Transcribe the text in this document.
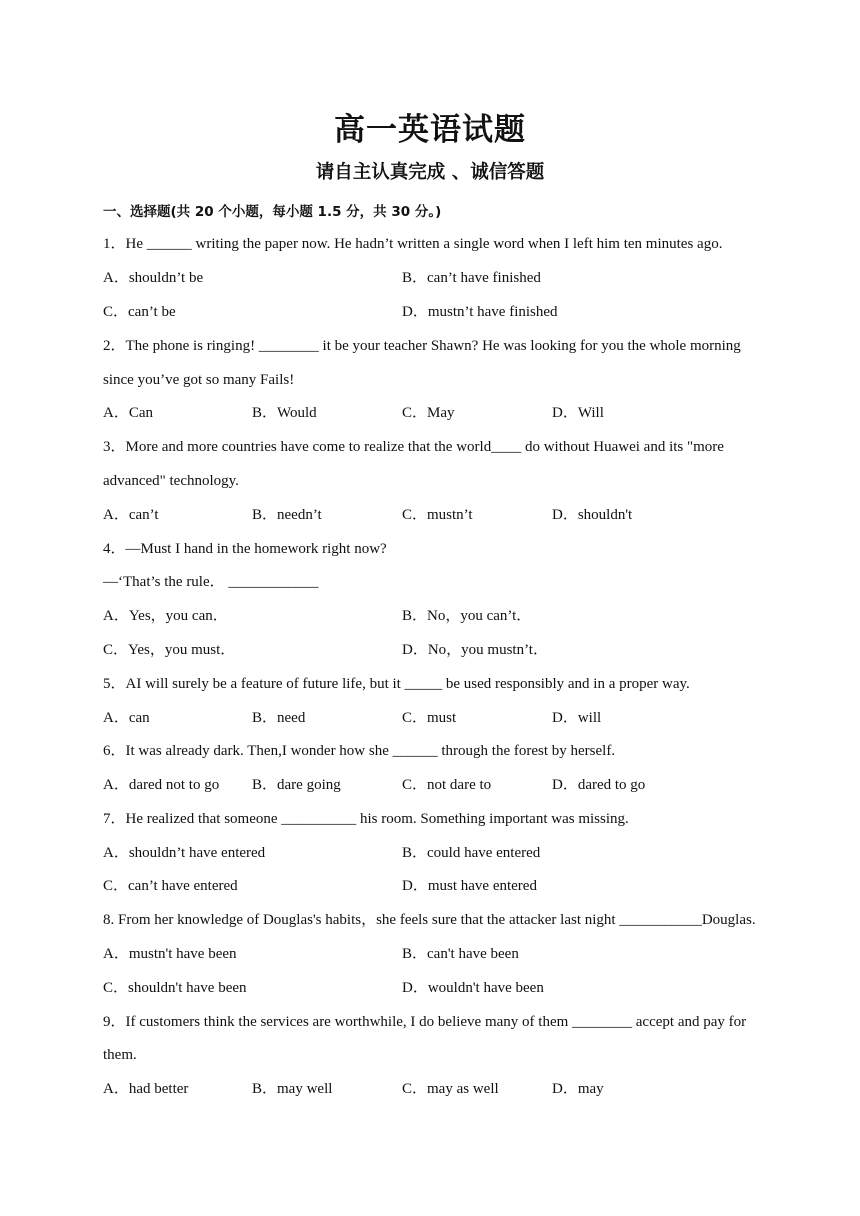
高一英语试题
请自主认真完成 、诚信答题
一、选择题(共 20 个小题，每小题 1.5 分，共 30 分。)
1．He ______ writing the paper now. He hadn’t written a single word when I left him ten minutes ago.
A．shouldn’t be	B．can’t have finished
C．can’t be	D．mustn’t have finished
2．The phone is ringing! ________ it be your teacher Shawn? He was looking for you the whole morning
since you’ve got so many Fails!
A．Can	B．Would	C．May	D．Will
3．More and more countries have come to realize that the world____ do without Huawei and its "more
advanced" technology.
A．can’t	B．needn’t	C．mustn’t	D．shouldn't
4．—Must I hand in the homework right now?
—‘That’s the rule． ____________
A．Yes，you can．	B．No，you can’t．
C．Yes，you must．	D．No，you mustn’t．
5．AI will surely be a feature of future life, but it _____ be used responsibly and in a proper way.
A．can	B．need	C．must	D．will
6．It was already dark. Then,I wonder how she ______ through the forest by herself.
A．dared not to go B．dare going	C．not dare to	D．dared to go
7．He realized that someone __________ his room. Something important was missing.
A．shouldn’t have entered	B．could have entered
C．can’t have entered	D．must have entered
8. From her knowledge of Douglas's habits，she feels sure that the attacker last night ___________Douglas.
A．mustn't have been	B．can't have been
C．shouldn't have been	D．wouldn't have been
9．If customers think the services are worthwhile, I do believe many of them ________ accept and pay for
them.
A．had better	B．may well	C．may as well	D．may
